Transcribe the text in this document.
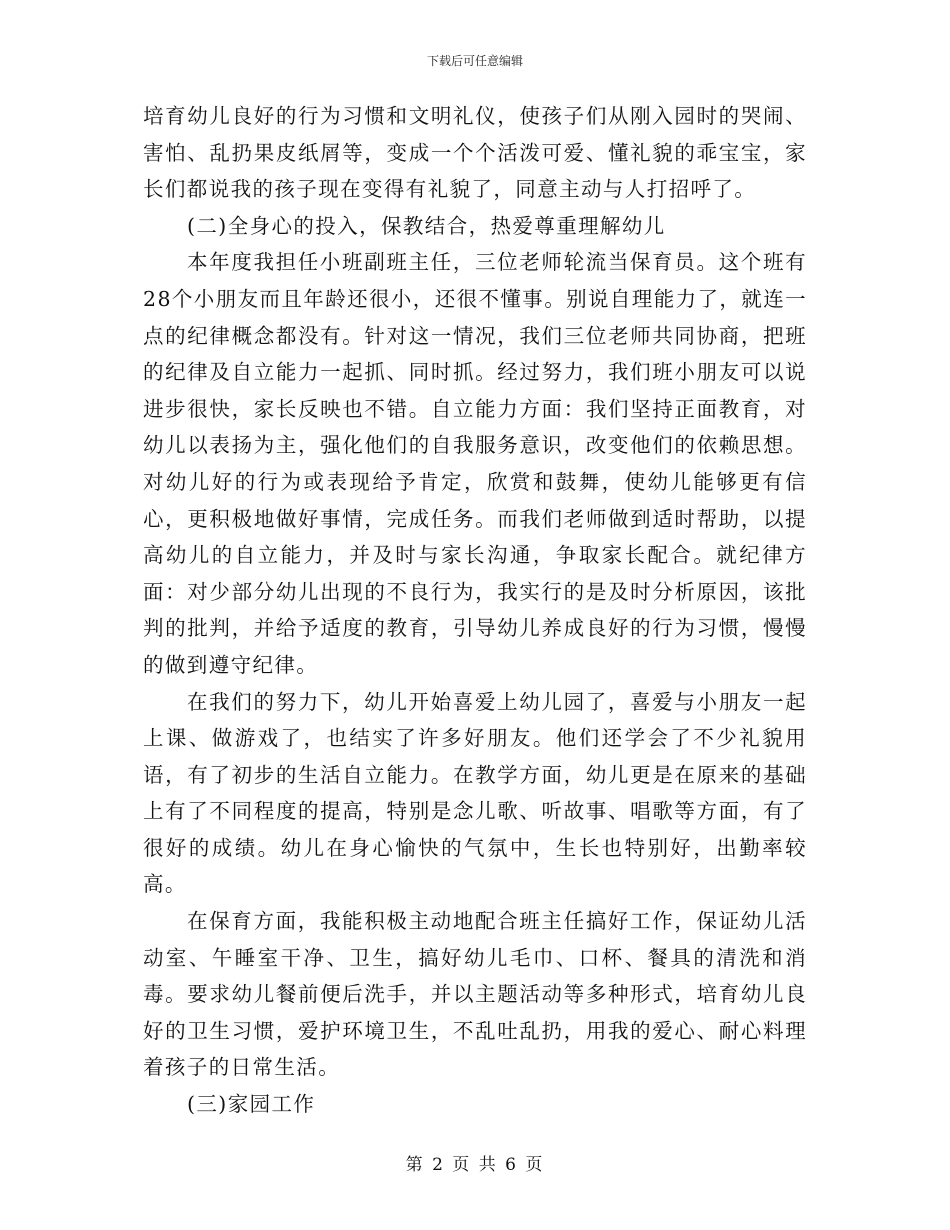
下载后可任意编辑

培育幼儿良好的行为习惯和文明礼仪，使孩子们从刚入园时的哭闹、害怕、乱扔果皮纸屑等，变成一个个活泼可爱、懂礼貌的乖宝宝，家长们都说我的孩子现在变得有礼貌了，同意主动与人打招呼了。

(二)全身心的投入，保教结合，热爱尊重理解幼儿

本年度我担任小班副班主任，三位老师轮流当保育员。这个班有28个小朋友而且年龄还很小，还很不懂事。别说自理能力了，就连一点的纪律概念都没有。针对这一情况，我们三位老师共同协商，把班的纪律及自立能力一起抓、同时抓。经过努力，我们班小朋友可以说进步很快，家长反映也不错。自立能力方面：我们坚持正面教育，对幼儿以表扬为主，强化他们的自我服务意识，改变他们的依赖思想。对幼儿好的行为或表现给予肯定，欣赏和鼓舞，使幼儿能够更有信心，更积极地做好事情，完成任务。而我们老师做到适时帮助，以提高幼儿的自立能力，并及时与家长沟通，争取家长配合。就纪律方面：对少部分幼儿出现的不良行为，我实行的是及时分析原因，该批判的批判，并给予适度的教育，引导幼儿养成良好的行为习惯，慢慢的做到遵守纪律。

在我们的努力下，幼儿开始喜爱上幼儿园了，喜爱与小朋友一起上课、做游戏了，也结实了许多好朋友。他们还学会了不少礼貌用语，有了初步的生活自立能力。在教学方面，幼儿更是在原来的基础上有了不同程度的提高，特别是念儿歌、听故事、唱歌等方面，有了很好的成绩。幼儿在身心愉快的气氛中，生长也特别好，出勤率较高。

在保育方面，我能积极主动地配合班主任搞好工作，保证幼儿活动室、午睡室干净、卫生，搞好幼儿毛巾、口杯、餐具的清洗和消毒。要求幼儿餐前便后洗手，并以主题活动等多种形式，培育幼儿良好的卫生习惯，爱护环境卫生，不乱吐乱扔，用我的爱心、耐心料理着孩子的日常生活。

(三)家园工作

第 2 页 共 6 页
